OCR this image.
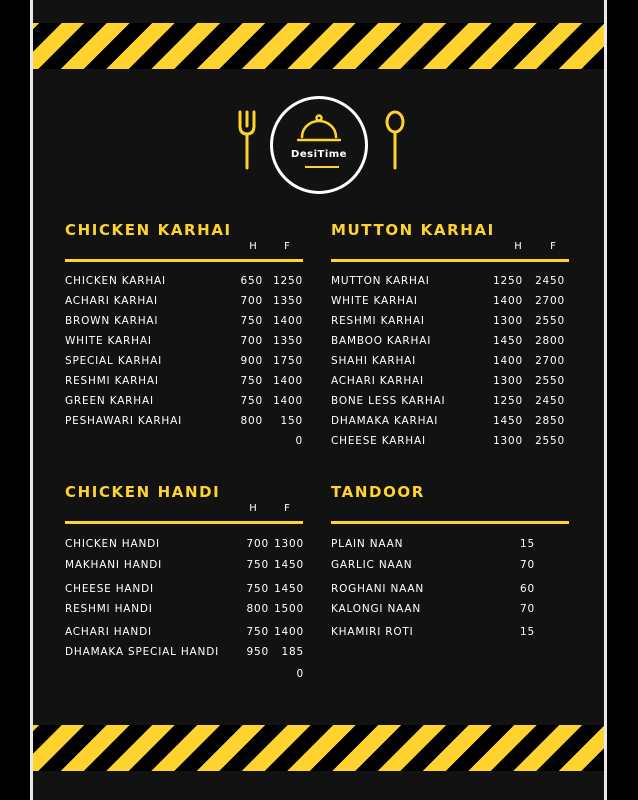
DesiTime
CHICKEN KARHAI
H	F
CHICKEN KARHAI	650 1250
ACHARI KARHAI	700 1350
BROWN KARHAI	750 1400
WHITE KARHAI	700 1350
SPECIAL KARHAI	900 1750
RESHMI KARHAI	750 1400
GREEN KARHAI	750 1400
PESHAWARI KARHAI	800	150
0
MUTTON KARHAI
H	F
MUTTON KARHAI	1250	2450
WHITE KARHAI	1400	2700
RESHMI KARHAI	1300	2550
BAMBOO KARHAI	1450	2800
SHAHI KARHAI	1400	2700
ACHARI KARHAI	1300	2550
BONE LESS KARHAI	1250	2450
DHAMAKA KARHAI	1450	2850
CHEESE KARHAI	1300	2550
CHICKEN HANDI
H	F
CHICKEN HANDI	700 1300
MAKHANI HANDI	750 1450
CHEESE HANDI	750 1450
RESHMI HANDI	800 1500
ACHARI HANDI	750 1400
DHAMAKA SPECIAL HANDI	950	185
0
TANDOOR
PLAIN NAAN	15
GARLIC NAAN	70
ROGHANI NAAN	60
KALONGI NAAN	70
KHAMIRI ROTI	15
